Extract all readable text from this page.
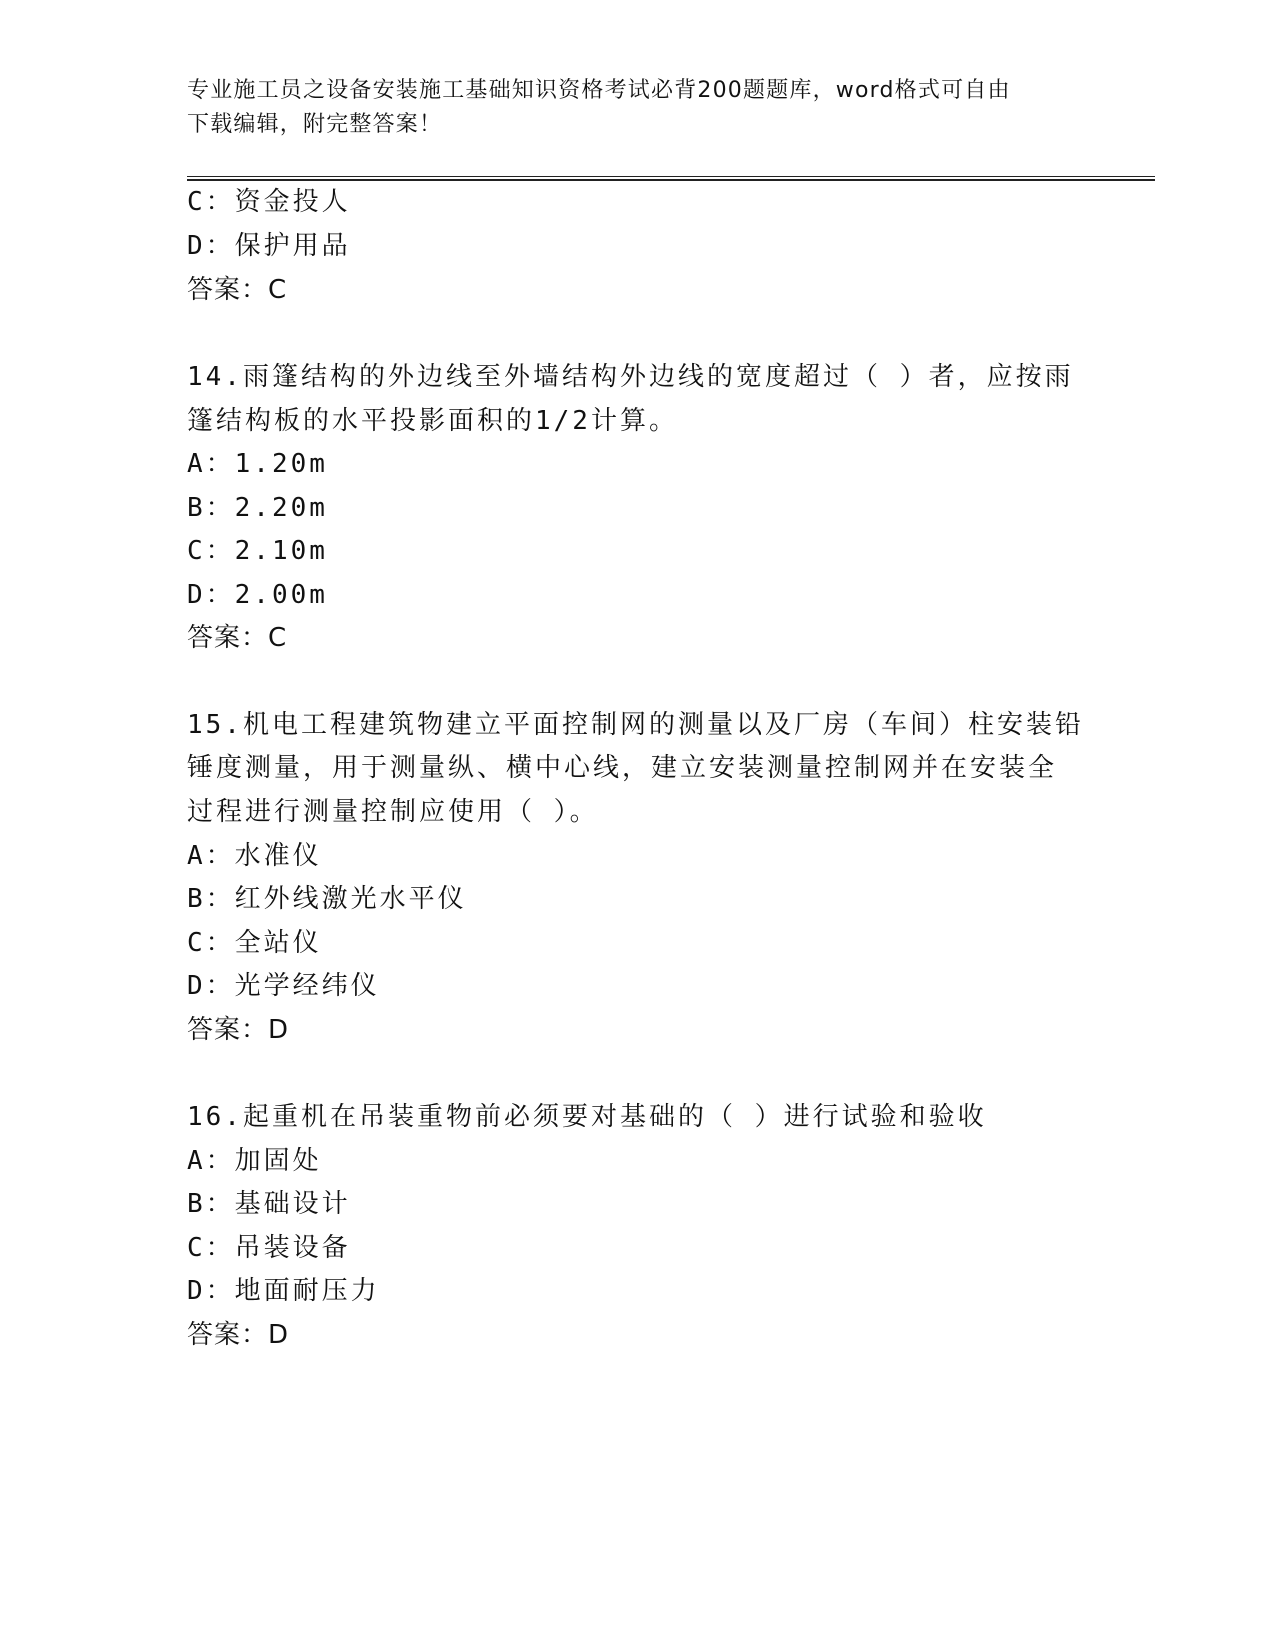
专业施工员之设备安装施工基础知识资格考试必背200题题库，word格式可自由
下载编辑，附完整答案！
C：资金投人
D：保护用品
答案：C
14.雨篷结构的外边线至外墙结构外边线的宽度超过（ ）者，应按雨
篷结构板的水平投影面积的1/2计算。
A：1.20m
B：2.20m
C：2.10m
D：2.00m
答案：C
15.机电工程建筑物建立平面控制网的测量以及厂房（车间）柱安装铅
锤度测量，用于测量纵、横中心线，建立安装测量控制网并在安装全
过程进行测量控制应使用（ ）。
A：水准仪
B：红外线激光水平仪
C：全站仪
D：光学经纬仪
答案：D
16.起重机在吊装重物前必须要对基础的（ ）进行试验和验收
A：加固处
B：基础设计
C：吊装设备
D：地面耐压力
答案：D
